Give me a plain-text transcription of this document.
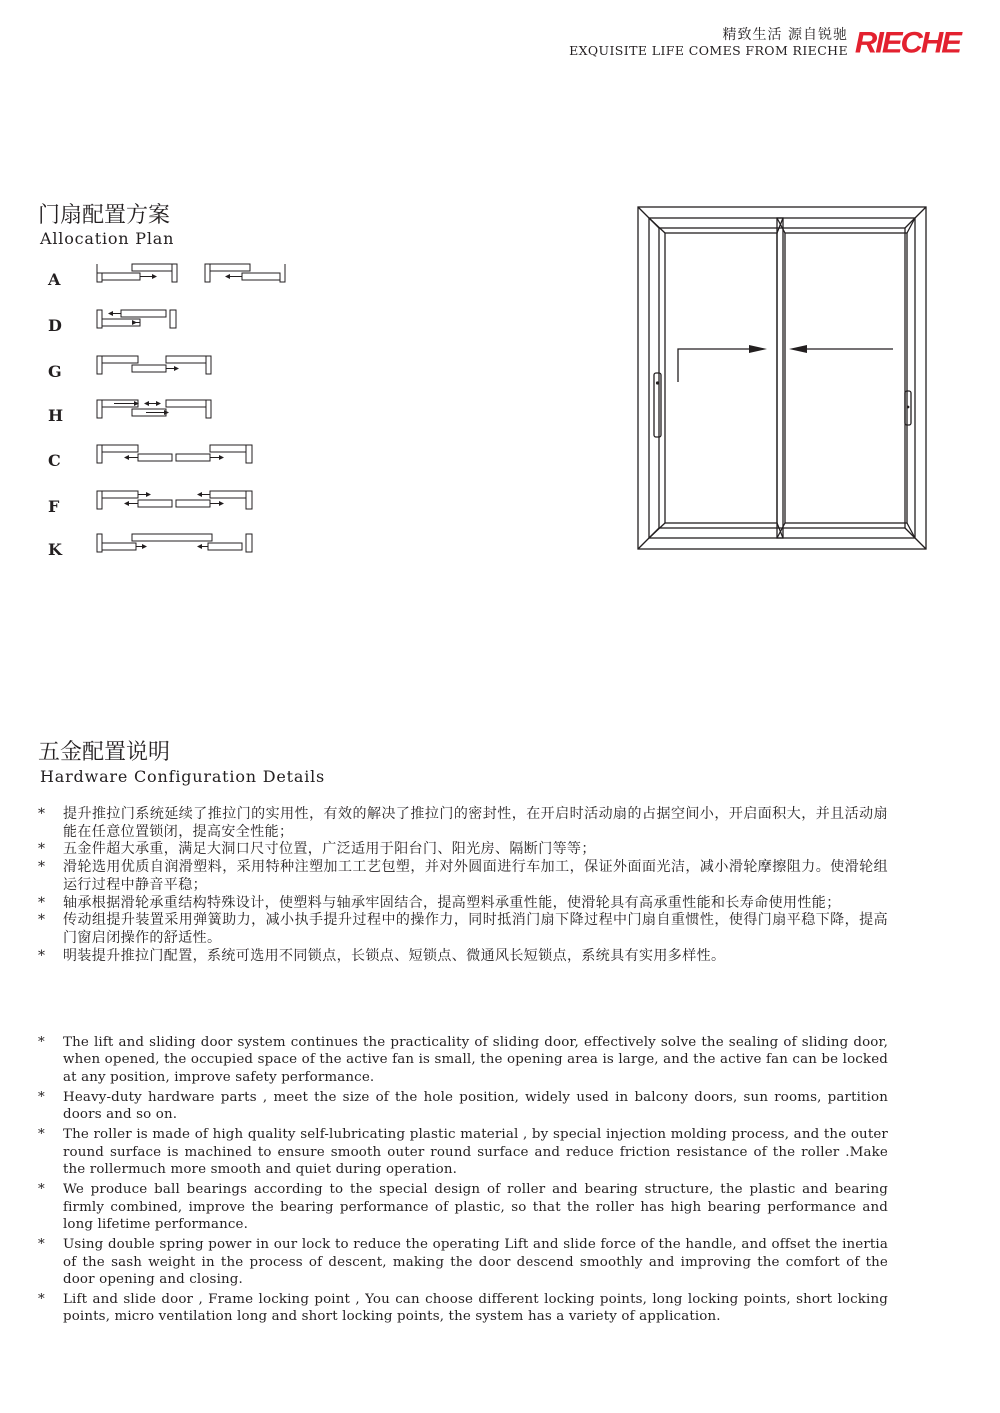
精致生活 源自锐驰
EXQUISITE LIFE COMES FROM RIECHE RIECHE
门扇配置方案
Allocation Plan
A
D
G
H
C
F
K
五金配置说明
Hardware Configuration Details
* 提升推拉门系统延续了推拉门的实用性，有效的解决了推拉门的密封性，在开启时活动扇的占据空间小，开启面积大，并且活动扇能在任意位置锁闭，提高安全性能；
* 五金件超大承重，满足大洞口尺寸位置，广泛适用于阳台门、阳光房、隔断门等等；
* 滑轮选用优质自润滑塑料，采用特种注塑加工工艺包塑，并对外圆面进行车加工，保证外面面光洁，减小滑轮摩擦阻力。使滑轮组运行过程中静音平稳；
* 轴承根据滑轮承重结构特殊设计，使塑料与轴承牢固结合，提高塑料承重性能，使滑轮具有高承重性能和长寿命使用性能；
* 传动组提升装置采用弹簧助力，减小执手提升过程中的操作力，同时抵消门扇下降过程中门扇自重惯性，使得门扇平稳下降，提高门窗启闭操作的舒适性。
* 明装提升推拉门配置，系统可选用不同锁点，长锁点、短锁点、微通风长短锁点，系统具有实用多样性。
* The lift and sliding door system continues the practicality of sliding door, effectively solve the sealing of sliding door, when opened, the occupied space of the active fan is small, the opening area is large, and the active fan can be locked at any position, improve safety performance.
* Heavy-duty hardware parts , meet the size of the hole position, widely used in balcony doors, sun rooms, partition doors and so on.
* The roller is made of high quality self-lubricating plastic material , by special injection molding process, and the outer round surface is machined to ensure smooth outer round surface and reduce friction resistance of the roller .Make the rollermuch more smooth and quiet during operation.
* We produce ball bearings according to the special design of roller and bearing structure, the plastic and bearing firmly combined, improve the bearing performance of plastic, so that the roller has high bearing performance and long lifetime performance.
* Using double spring power in our lock to reduce the operating Lift and slide force of the handle, and offset the inertia of the sash weight in the process of descent, making the door descend smoothly and improving the comfort of the door opening and closing.
* Lift and slide door , Frame locking point , You can choose different locking points, long locking points, short locking points, micro ventilation long and short locking points, the system has a variety of application.
